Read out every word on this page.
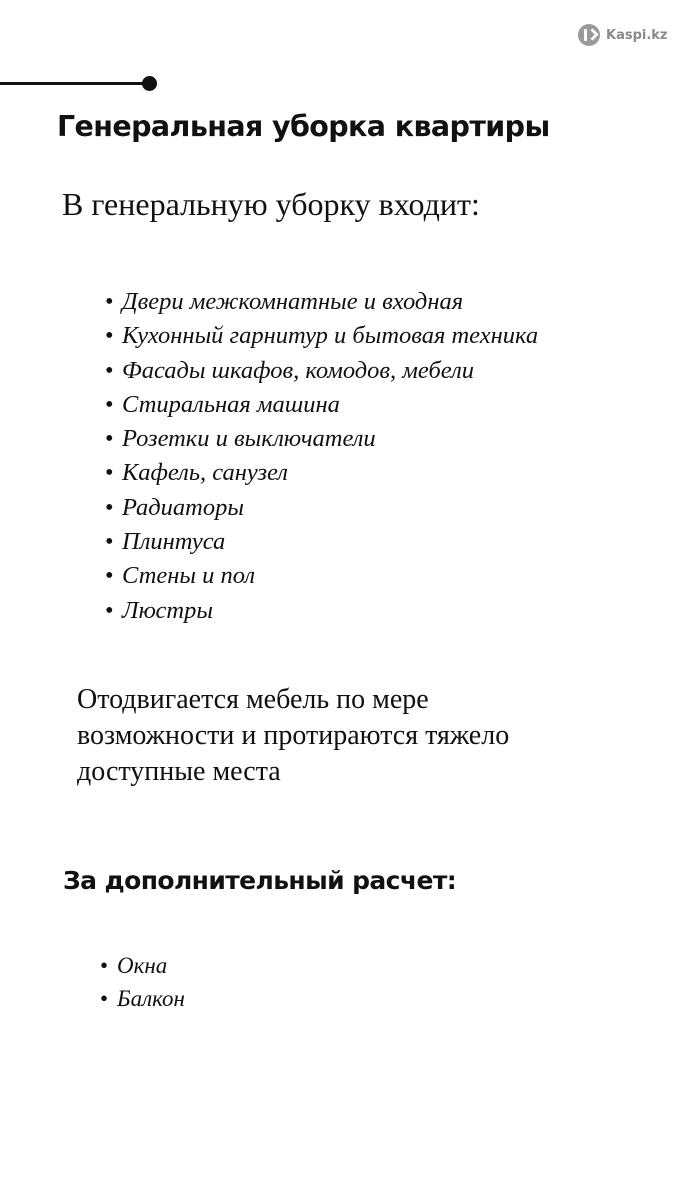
Kaspi.kz
Генеральная уборка квартиры

В генеральную уборку входит:

• Двери межкомнатные и входная
• Кухонный гарнитур и бытовая техника
• Фасады шкафов, комодов, мебели
• Стиральная машина
• Розетки и выключатели
• Кафель, санузел
• Радиаторы
• Плинтуса
• Стены и пол
• Люстры

Отодвигается мебель по мере
возможности и протираются тяжело
доступные места

За дополнительный расчет:
• Окна
• Балкон
